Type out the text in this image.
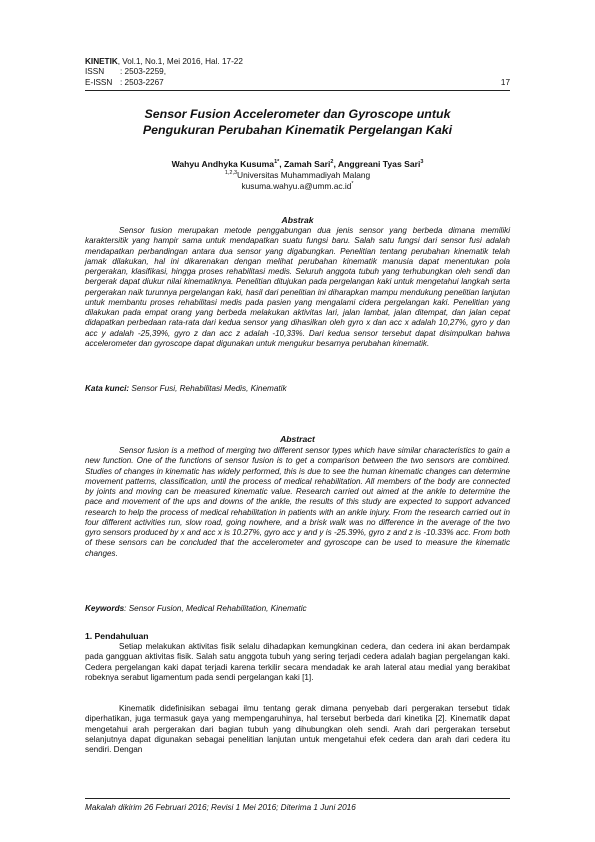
KINETIK , Vol.1, No.1, Mei 2016, Hal. 17-22
ISSN	: 2503-2259,
E-ISSN : 2503-2267	17
Sensor Fusion Accelerometer dan Gyroscope untuk
Pengukuran Perubahan Kinematik Pergelangan Kaki
Wahyu Andhyka Kusuma$^{1*}$, Zamah Sari$^2$, Anggreani Tyas Sari$^3$
$^{1,2,3}$Universitas Muhammadiyah Malang
kusuma.wahyu.a@umm.ac.id*
Abstrak
Sensor fusion merupakan metode penggabungan dua jenis sensor yang berbeda dimana memiliki karaktersitik yang hampir sama untuk mendapatkan suatu fungsi baru. Salah satu fungsi dari sensor fusi adalah mendapatkan perbandingan antara dua sensor yang digabungkan. Penelitian tentang perubahan kinematik telah jamak dilakukan, hal ini dikarenakan dengan melihat perubahan kinematik manusia dapat menentukan pola pergerakan, klasifikasi, hingga proses rehabilitasi medis. Seluruh anggota tubuh yang terhubungkan oleh sendi dan bergerak dapat diukur nilai kinematiknya. Penelitian ditujukan pada pergelangan kaki untuk mengetahui langkah serta pergerakan naik turunnya pergelangan kaki, hasil dari penelitian ini diharapkan mampu mendukung penelitian lanjutan untuk membantu proses rehabilitasi medis pada pasien yang mengalami cidera pergelangan kaki. Penelitian yang dilakukan pada empat orang yang berbeda melakukan aktivitas lari, jalan lambat, jalan ditempat, dan jalan cepat didapatkan perbedaan rata-rata dari kedua sensor yang dihasilkan oleh gyro x dan acc x adalah 10,27%, gyro y dan acc y adalah -25,39%, gyro z dan acc z adalah -10,33%. Dari kedua sensor tersebut dapat disimpulkan bahwa accelerometer dan gyroscope dapat digunakan untuk mengukur besarnya perubahan kinematik.
Kata kunci: Sensor Fusi, Rehabilitasi Medis, Kinematik
Abstract
Sensor fusion is a method of merging two different sensor types which have similar characteristics to gain a new function. One of the functions of sensor fusion is to get a comparison between the two sensors are combined. Studies of changes in kinematic has widely performed, this is due to see the human kinematic changes can determine movement patterns, classification, until the process of medical rehabilitation. All members of the body are connected by joints and moving can be measured kinematic value. Research carried out aimed at the ankle to determine the pace and movement of the ups and downs of the ankle, the results of this study are expected to support advanced research to help the process of medical rehabilitation in patients with an ankle injury. From the research carried out in four different activities run, slow road, going nowhere, and a brisk walk was no difference in the average of the two gyro sensors produced by x and acc x is 10.27%, gyro acc y and y is -25.39%, gyro z and z is -10.33% acc. From both of these sensors can be concluded that the accelerometer and gyroscope can be used to measure the kinematic changes.
Keywords: Sensor Fusion, Medical Rehabilitation, Kinematic
1. Pendahuluan
Setiap melakukan aktivitas fisik selalu dihadapkan kemungkinan cedera, dan cedera ini akan berdampak pada gangguan aktivitas fisik. Salah satu anggota tubuh yang sering terjadi cedera adalah bagian pergelangan kaki. Cedera pergelangan kaki dapat terjadi karena terkilir secara mendadak ke arah lateral atau medial yang berakibat robeknya serabut ligamentum pada sendi pergelangan kaki [1].
Kinematik didefinisikan sebagai ilmu tentang gerak dimana penyebab dari pergerakan tersebut tidak diperhatikan, juga termasuk gaya yang mempengaruhinya, hal tersebut berbeda dari kinetika [2]. Kinematik dapat mengetahui arah pergerakan dari bagian tubuh yang dihubungkan oleh sendi. Arah dari pergerakan tersebut selanjutnya dapat digunakan sebagai penelitian lanjutan untuk mengetahui efek cedera dan arah dari cedera itu sendiri. Dengan
Makalah dikirim 26 Februari 2016; Revisi 1 Mei 2016; Diterima 1 Juni 2016
